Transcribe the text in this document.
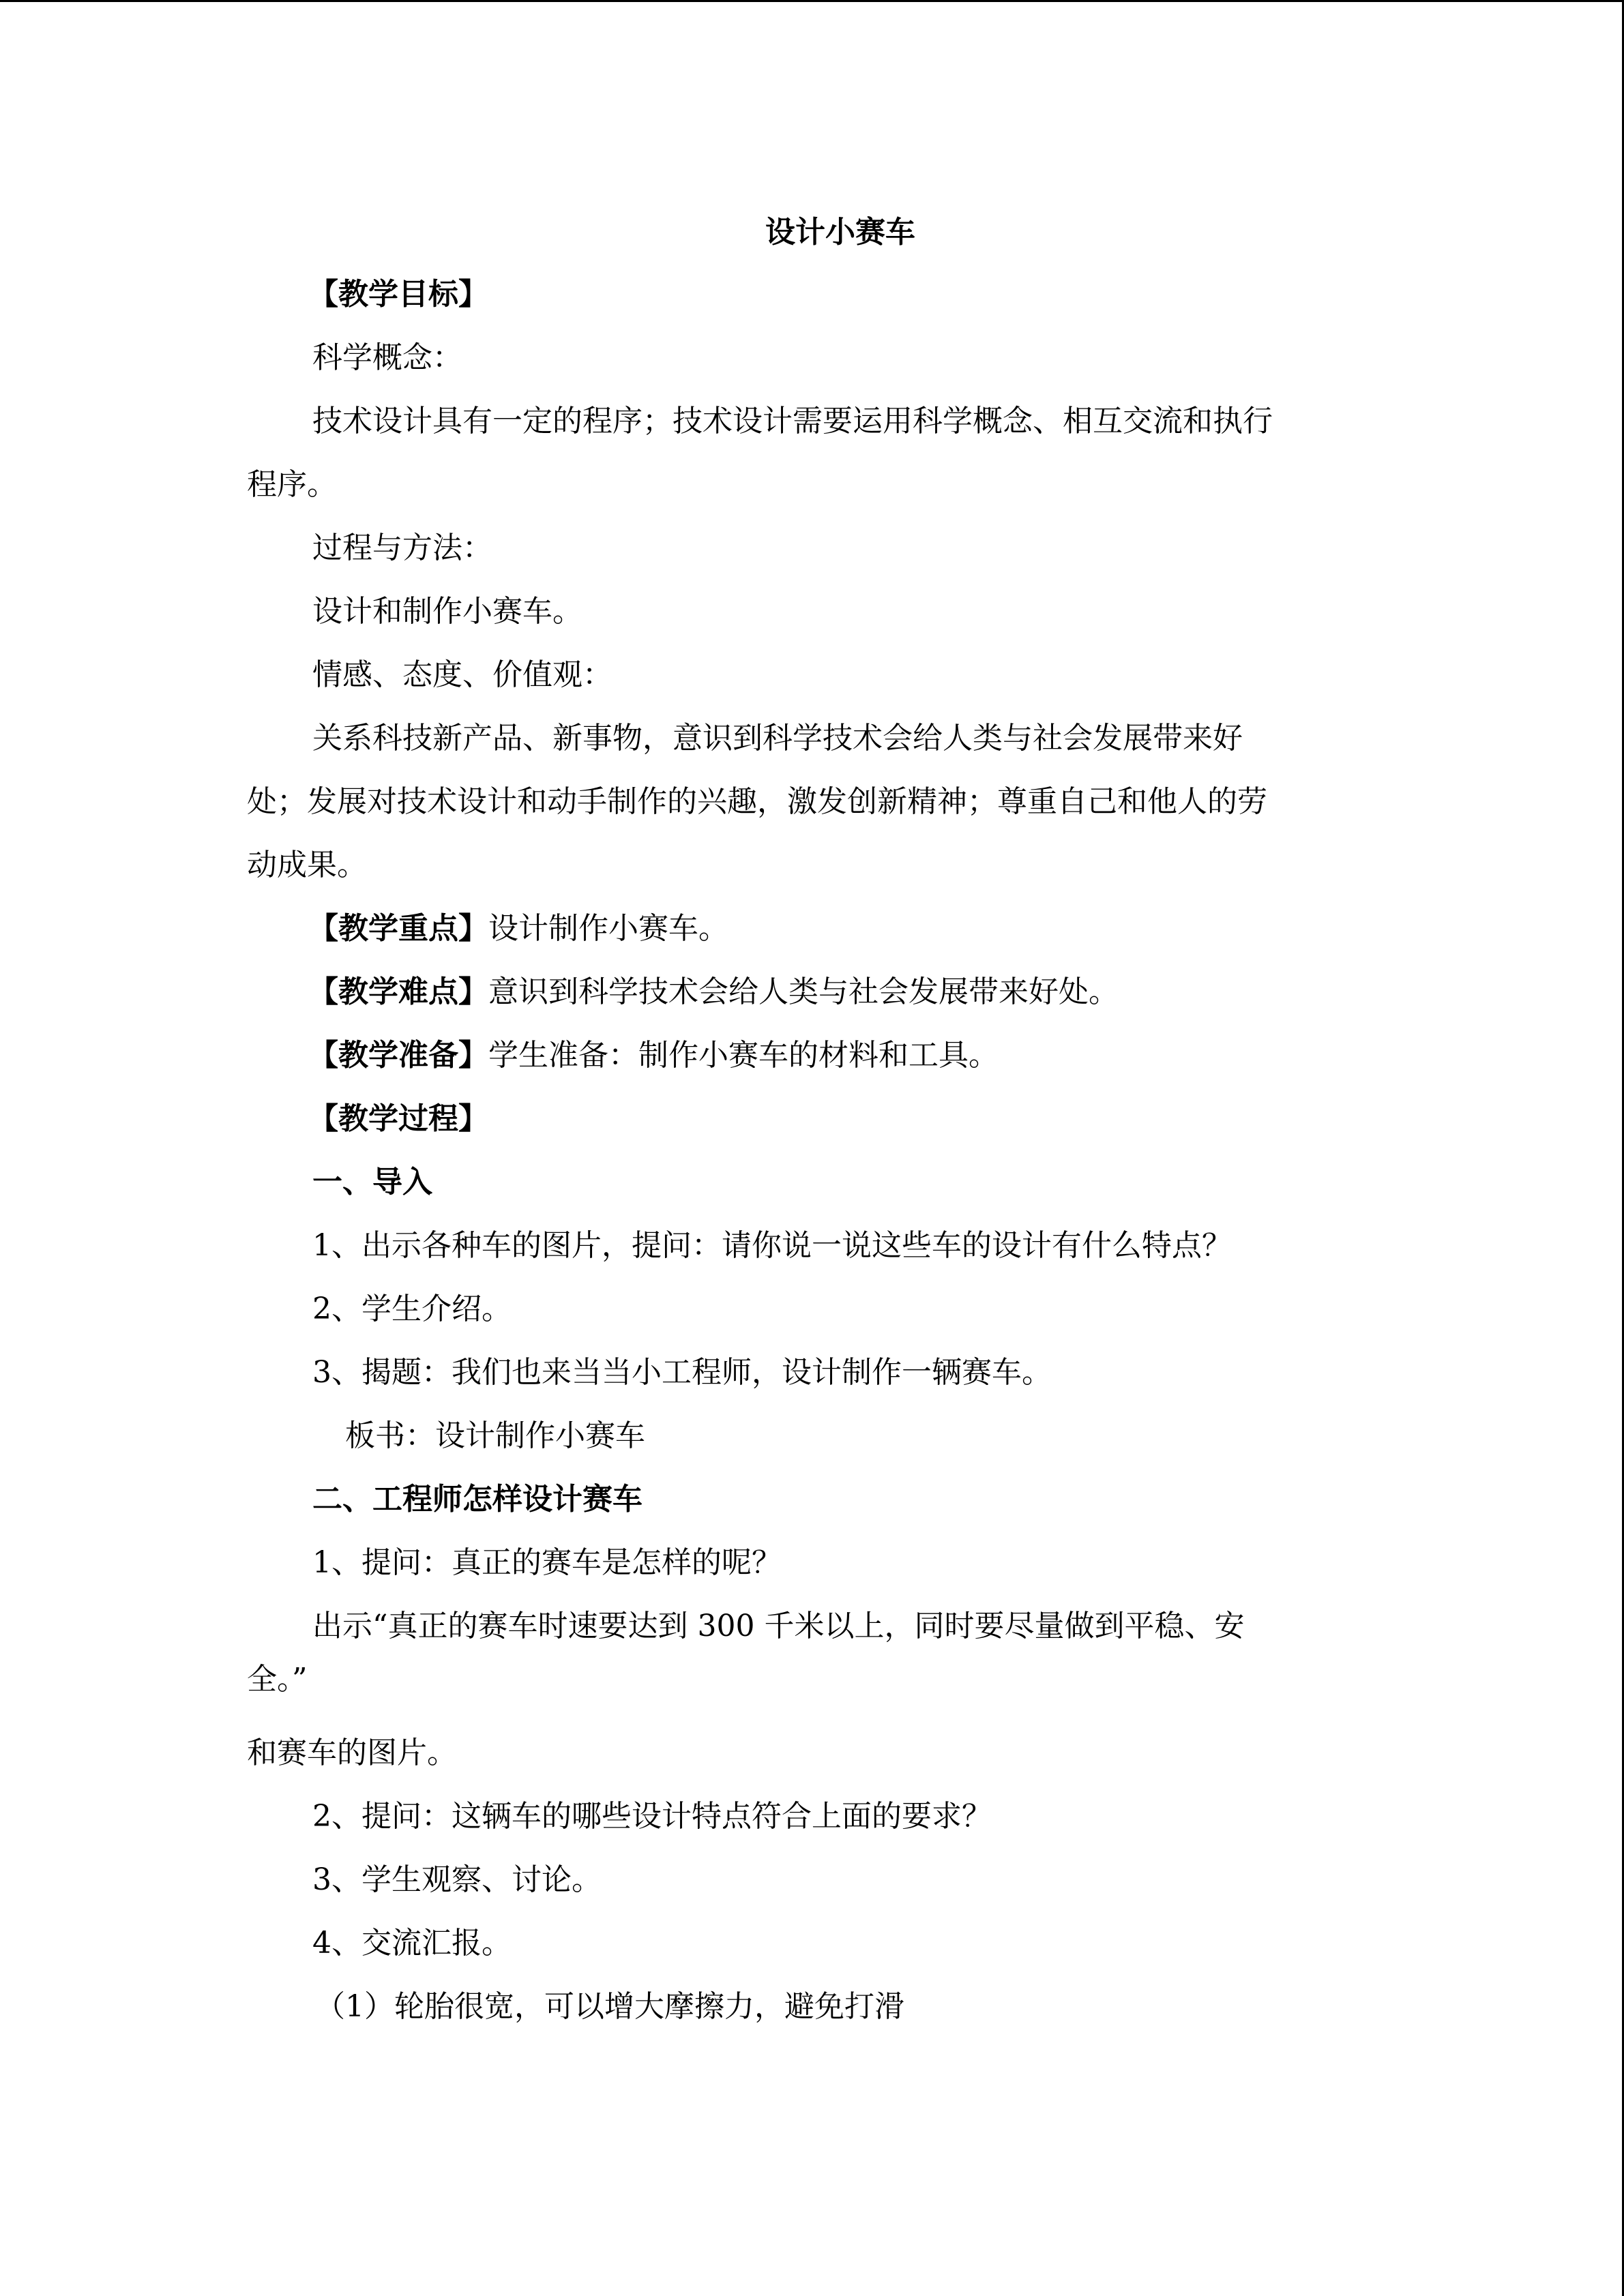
设计小赛车

【教学目标】

科学概念：

技术设计具有一定的程序；技术设计需要运用科学概念、相互交流和执行

程序。

过程与方法：

设计和制作小赛车。

情感、态度、价值观：

关系科技新产品、新事物，意识到科学技术会给人类与社会发展带来好

处；发展对技术设计和动手制作的兴趣，激发创新精神；尊重自己和他人的劳

动成果。

【教学重点】设计制作小赛车。

【教学难点】意识到科学技术会给人类与社会发展带来好处。

【教学准备】学生准备：制作小赛车的材料和工具。

【教学过程】

一、导入

1、出示各种车的图片，提问：请你说一说这些车的设计有什么特点？

2、学生介绍。

3、揭题：我们也来当当小工程师，设计制作一辆赛车。

板书：设计制作小赛车

二、工程师怎样设计赛车

1、提问：真正的赛车是怎样的呢？

出示“真正的赛车时速要达到 300 千米以上，同时要尽量做到平稳、安

全。”

和赛车的图片。

2、提问：这辆车的哪些设计特点符合上面的要求？

3、学生观察、讨论。

4、交流汇报。

（1）轮胎很宽，可以增大摩擦力，避免打滑
